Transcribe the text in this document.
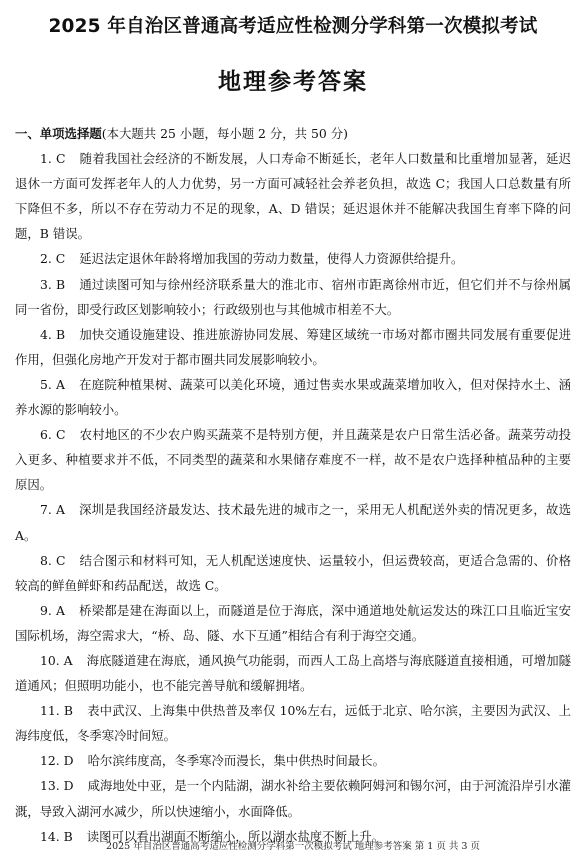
2025 年自治区普通高考适应性检测分学科第一次模拟考试
地理参考答案

一、单项选择题(本大题共 25 小题，每小题 2 分，共 50 分)

1. C 随着我国社会经济的不断发展，人口寿命不断延长，老年人口数量和比重增加显著，延迟退休一方面可发挥老年人的人力优势，另一方面可减轻社会养老负担，故选 C；我国人口总数量有所下降但不多，所以不存在劳动力不足的现象，A、D 错误；延迟退休并不能解决我国生育率下降的问题，B 错误。

2. C 延迟法定退休年龄将增加我国的劳动力数量，使得人力资源供给提升。

3. B 通过读图可知与徐州经济联系量大的淮北市、宿州市距离徐州市近，但它们并不与徐州属同一省份，即受行政区划影响较小；行政级别也与其他城市相差不大。

4. B 加快交通设施建设、推进旅游协同发展、筹建区域统一市场对都市圈共同发展有重要促进作用，但强化房地产开发对于都市圈共同发展影响较小。

5. A 在庭院种植果树、蔬菜可以美化环境，通过售卖水果或蔬菜增加收入，但对保持水土、涵养水源的影响较小。

6. C 农村地区的不少农户购买蔬菜不是特别方便，并且蔬菜是农户日常生活必备。蔬菜劳动投入更多、种植要求并不低，不同类型的蔬菜和水果储存难度不一样，故不是农户选择种植品种的主要原因。

7. A 深圳是我国经济最发达、技术最先进的城市之一，采用无人机配送外卖的情况更多，故选 A。

8. C 结合图示和材料可知，无人机配送速度快、运量较小，但运费较高，更适合急需的、价格较高的鲜鱼鲜虾和药品配送，故选 C。

9. A 桥梁都是建在海面以上，而隧道是位于海底，深中通道地处航运发达的珠江口且临近宝安国际机场，海空需求大，“桥、岛、隧、水下互通”相结合有利于海空交通。

10. A 海底隧道建在海底，通风换气功能弱，而西人工岛上高塔与海底隧道直接相通，可增加隧道通风；但照明功能小，也不能完善导航和缓解拥堵。

11. B 表中武汉、上海集中供热普及率仅 10%左右，远低于北京、哈尔滨，主要因为武汉、上海纬度低，冬季寒冷时间短。

12. D 哈尔滨纬度高，冬季寒冷而漫长，集中供热时间最长。

13. D 咸海地处中亚，是一个内陆湖，湖水补给主要依赖阿姆河和锡尔河，由于河流沿岸引水灌溉，导致入湖河水减少，所以快速缩小，水面降低。

14. B 读图可以看出湖面不断缩小，所以湖水盐度不断上升。

2025 年自治区普通高考适应性检测分学科第一次模拟考试 地理参考答案 第 1 页 共 3 页
